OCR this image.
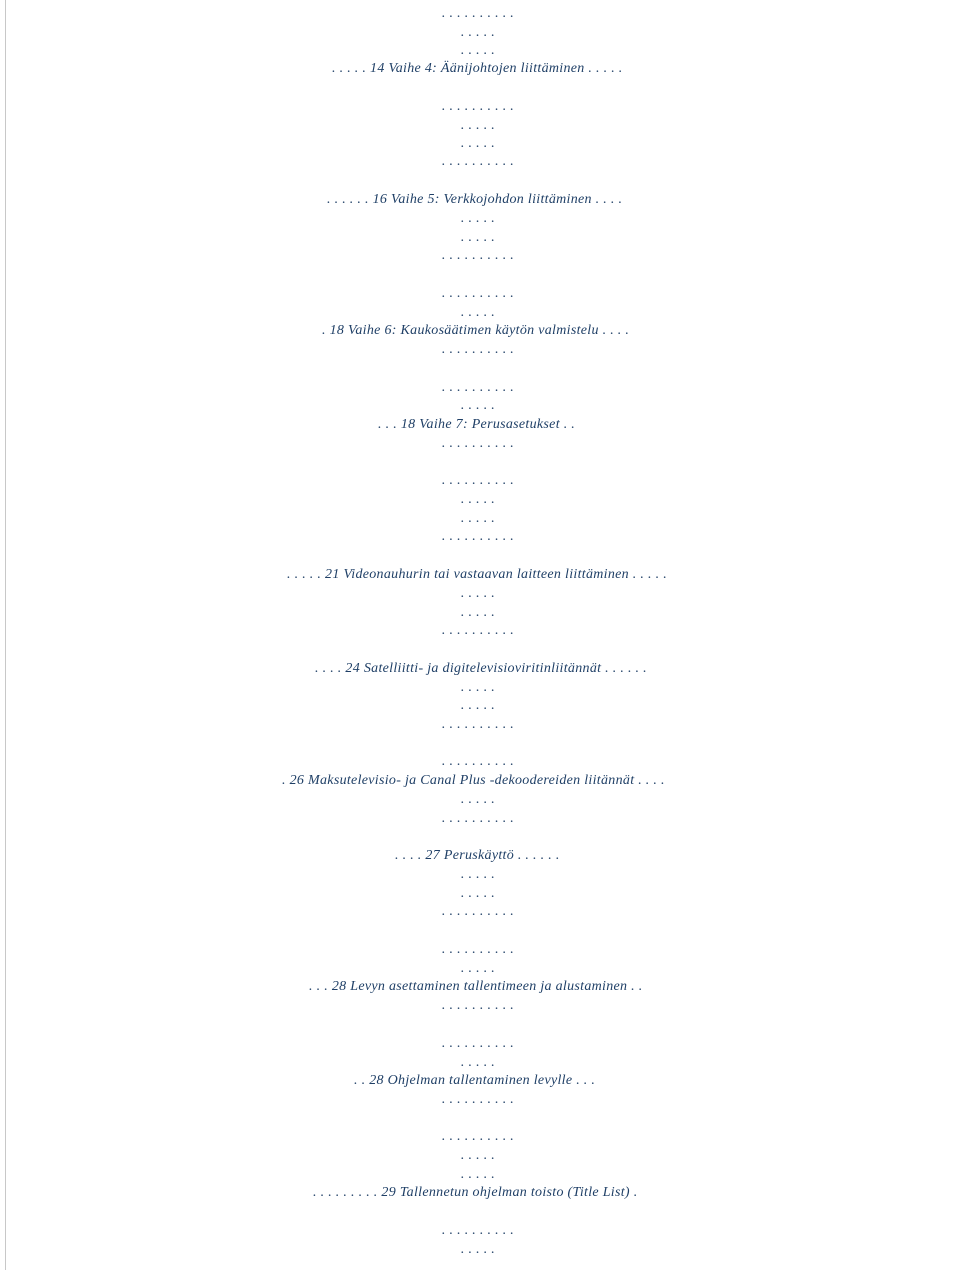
. . . . . . . . . .
. . . . .
. . . . .
. . . . . 14 Vaihe 4: Äänijohtojen liittäminen . . . . .
. . . . . . . . . .
. . . . .
. . . . .
. . . . . . . . . .
. . . . . . 16 Vaihe 5: Verkkojohdon liittäminen . . . .
. . . . .
. . . . .
. . . . . . . . . .
. . . . . . . . . .
. . . . .
. 18 Vaihe 6: Kaukosäätimen käytön valmistelu . . . .
. . . . . . . . . .
. . . . . . . . . .
. . . . .
. . . 18 Vaihe 7: Perusasetukset . .
. . . . . . . . . .
. . . . . . . . . .
. . . . .
. . . . .
. . . . . . . . . .
. . . . . 21 Videonauhurin tai vastaavan laitteen liittäminen . . . . .
. . . . .
. . . . .
. . . . . . . . . .
. . . . 24 Satelliitti- ja digitelevisioviritinliitännät . . . . . .
. . . . .
. . . . .
. . . . . . . . . .
. . . . . . . . . .
. 26 Maksutelevisio- ja Canal Plus -dekoodereiden liitännät . . . .
. . . . .
. . . . . . . . . .
. . . . 27 Peruskäyttö . . . . . .
. . . . .
. . . . .
. . . . . . . . . .
. . . . . . . . . .
. . . . .
. . . 28 Levyn asettaminen tallentimeen ja alustaminen . .
. . . . . . . . . .
. . . . . . . . . .
. . . . .
. . 28 Ohjelman tallentaminen levylle . . .
. . . . . . . . . .
. . . . . . . . . .
. . . . .
. . . . .
. . . . . . . . . 29 Tallennetun ohjelman toisto (Title List) .
. . . . . . . . . .
. . . . .
